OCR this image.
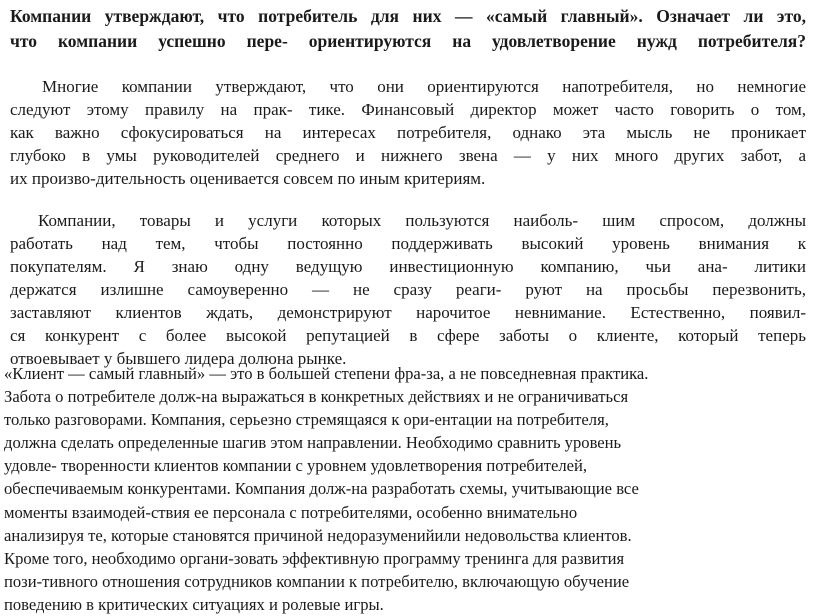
Компании утверждают, что потребитель для них — «самый главный». Означает ли это,
что компании успешно пере- ориентируются на удовлетворение нужд потребителя?
Многие компании утверждают, что они ориентируются напотребителя, но немногие
следуют этому правилу на прак- тике. Финансовый директор может часто говорить о том,
как важно сфокусироваться на интересах потребителя, однако эта мысль не проникает
глубоко в умы руководителей среднего и нижнего звена — у них много других забот, а
их произво-дительность оценивается совсем по иным критериям.
Компании, товары и услуги которых пользуются наиболь- шим спросом, должны
работать над тем, чтобы постоянно поддерживать высокий уровень внимания к
покупателям. Я знаю одну ведущую инвестиционную компанию, чьи ана- литики
держатся излишне самоуверенно — не сразу реаги- руют на просьбы перезвонить,
заставляют клиентов ждать, демонстрируют нарочитое невнимание. Естественно, появил-
ся конкурент с более высокой репутацией в сфере заботы о клиенте, который теперь
отвоевывает у бывшего лидера долюна рынке.
«Клиент — самый главный» — это в большей степени фра-за, а не повседневная практика.
Забота о потребителе долж-на выражаться в конкретных действиях и не ограничиваться
только разговорами. Компания, серьезно стремящаяся к ори-ентации на потребителя,
должна сделать определенные шагив этом направлении. Необходимо сравнить уровень
удовле- творенности клиентов компании с уровнем удовлетворения потребителей,
обеспечиваемым конкурентами. Компания долж-на разработать схемы, учитывающие все
моменты взаимодей-ствия ее персонала с потребителями, особенно внимательно
анализируя те, которые становятся причиной недоразуменийили недовольства клиентов.
Кроме того, необходимо органи-зовать эффективную программу тренинга для развития
пози-тивного отношения сотрудников компании к потребителю, включающую обучение
поведению в критических ситуациях и ролевые игры.
